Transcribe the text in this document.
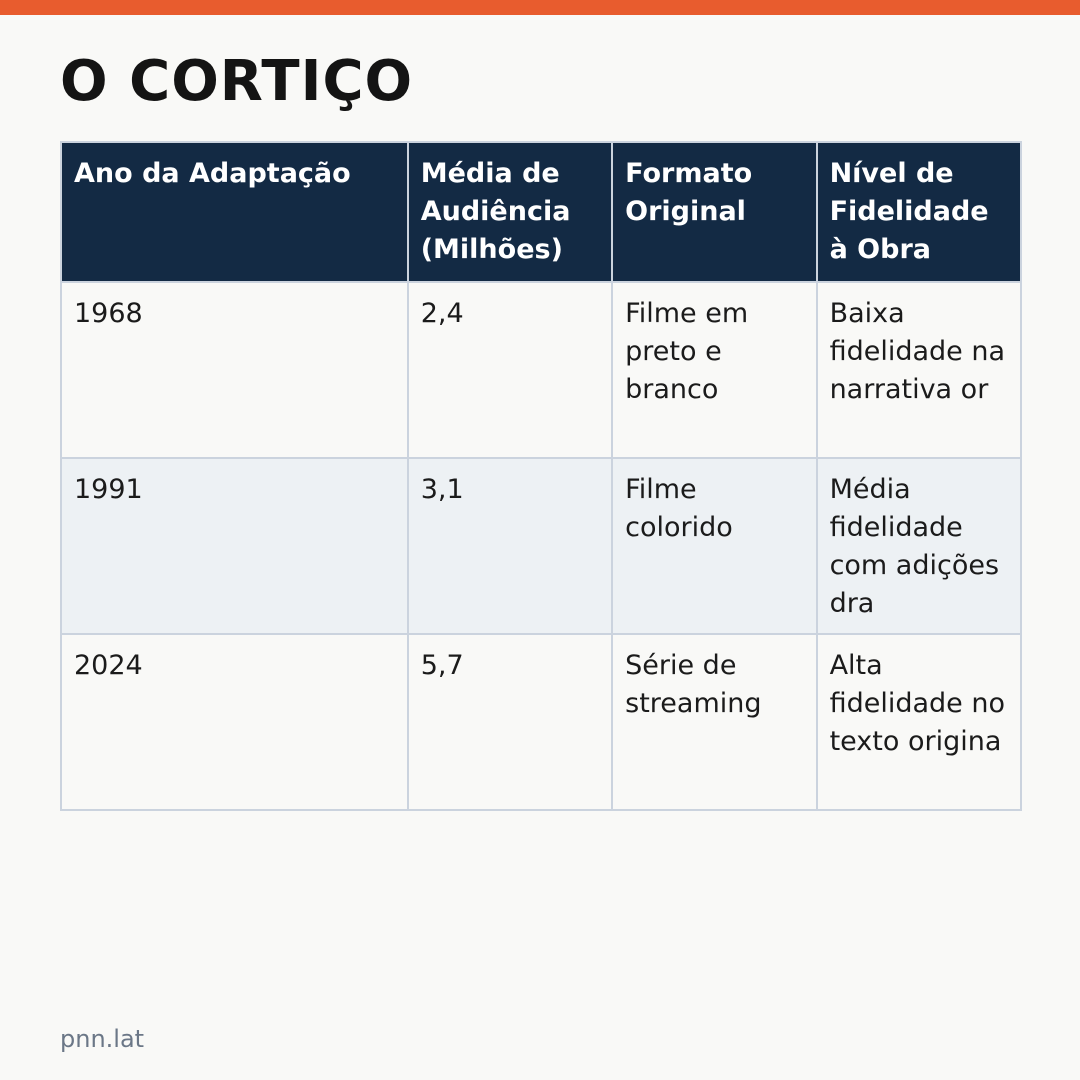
O CORTIÇO
Ano da Adaptação	Média de Audiência (Milhões)	Formato Original	Nível de Fidelidade à Obra
1968	2,4	Filme em preto e branco	Baixa fidelidade na narrativa or
1991	3,1	Filme colorido	Média fidelidade com adições dra
2024	5,7	Série de streaming	Alta fidelidade no texto origina
pnn.lat
